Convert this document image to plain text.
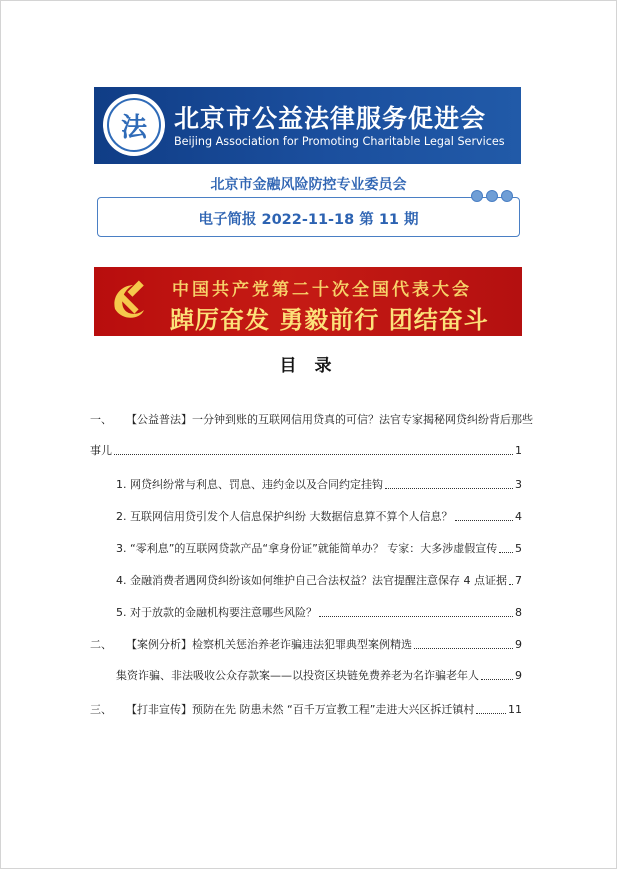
法	北京市公益法律服务促进会
Beijing Association for Promoting Charitable Legal Services
北京市金融风险防控专业委员会
电子简报 2022-11-18 第 11 期
中国共产党第二十次全国代表大会
踔厉奋发 勇毅前行 团结奋斗
目 录
一、 【公益普法】一分钟到账的互联网信用贷真的可信？法官专家揭秘网贷纠纷背后那些
事儿	1
1. 网贷纠纷常与利息、罚息、违约金以及合同约定挂钩	3
2. 互联网信用贷引发个人信息保护纠纷 大数据信息算不算个人信息？	4
3. “零利息”的互联网贷款产品“拿身份证”就能简单办？ 专家：大多涉虚假宣传 5
4. 金融消费者遇网贷纠纷该如何维护自己合法权益？法官提醒注意保存 4 点证据 7
5. 对于放款的金融机构要注意哪些风险？	8
二、 【案例分析】检察机关惩治养老诈骗违法犯罪典型案例精选	9
集资诈骗、非法吸收公众存款案——以投资区块链免费养老为名诈骗老年人	9
三、 【打非宣传】预防在先 防患未然 “百千万宣教工程”走进大兴区拆迁镇村	11
